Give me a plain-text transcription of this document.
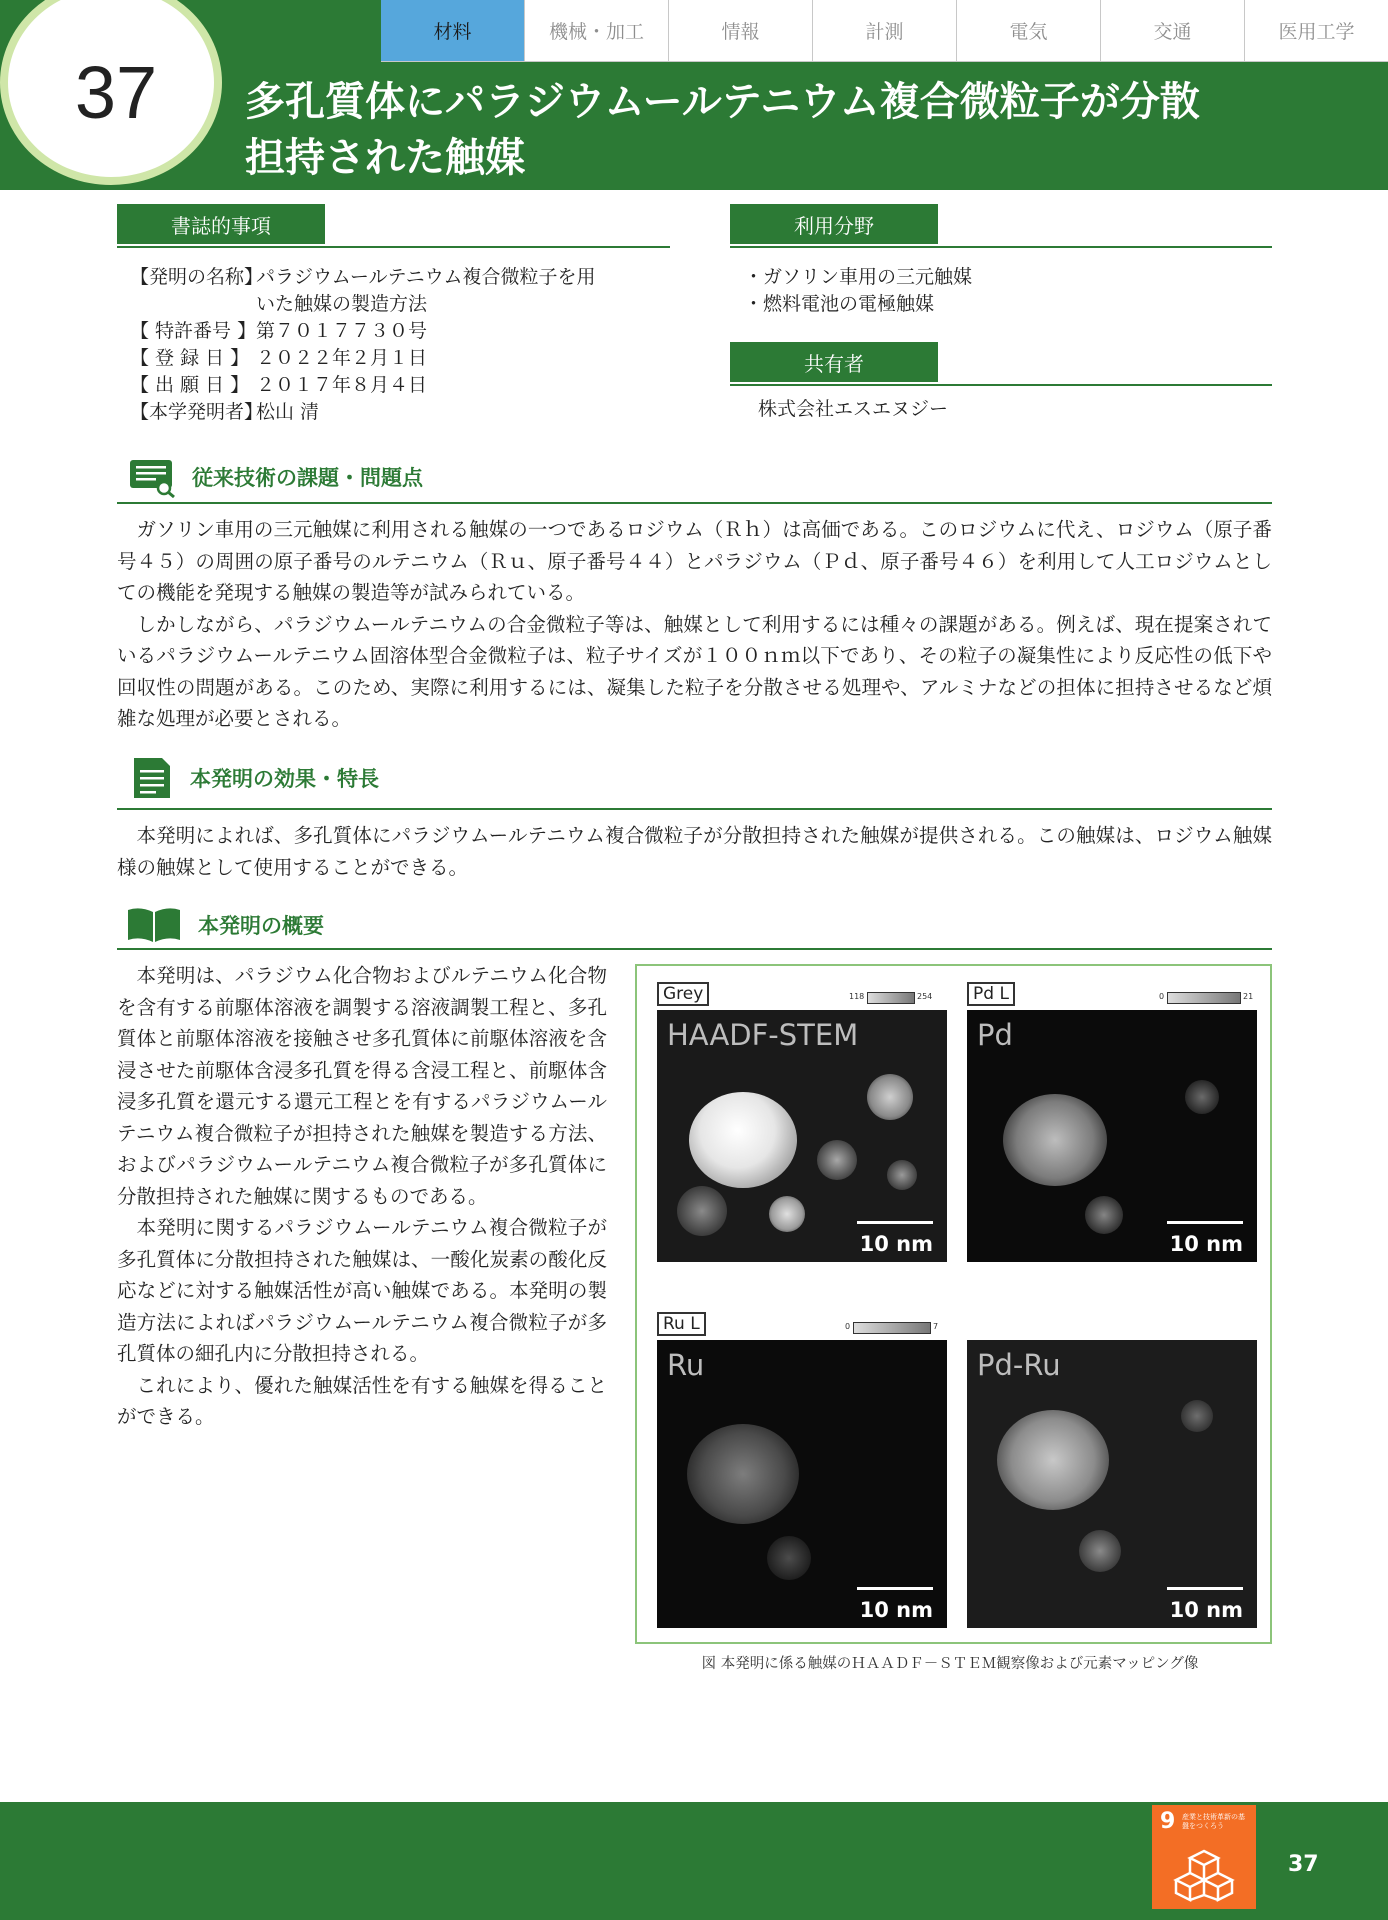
材料	機械・加工	情報	計測	電気	交通	医用工学
37 多孔質体にパラジウムールテニウム複合微粒子が分散
担持された触媒
書誌的事項
【発明の名称】
パラジウムールテニウム複合微粒子を用
いた触媒の製造方法
【 特許番号 】 第７０１７７３０号
【 登 録 日 】 ２０２２年２月１日
【 出 願 日 】 ２０１７年８月４日
【本学発明者】
松山 清
利用分野
・ガソリン車用の三元触媒
・燃料電池の電極触媒
共有者
株式会社エスエヌジー
従来技術の課題・問題点

ガソリン車用の三元触媒に利用される触媒の一つであるロジウム（Ｒｈ）は高価である。このロジウムに代え、ロジウム（原子番号４５）の周囲の原子番号のルテニウム（Ｒｕ、原子番号４４）とパラジウム（Ｐｄ、原子番号４６）を利用して人工ロジウムとしての機能を発現する触媒の製造等が試みられている。

しかしながら、パラジウムールテニウムの合金微粒子等は、触媒として利用するには種々の課題がある。例えば、現在提案されているパラジウムールテニウム固溶体型合金微粒子は、粒子サイズが１００ｎｍ以下であり、その粒子の凝集性により反応性の低下や回収性の問題がある。このため、実際に利用するには、凝集した粒子を分散させる処理や、アルミナなどの担体に担持させるなど煩雑な処理が必要とされる。

本発明の効果・特長

本発明によれば、多孔質体にパラジウムールテニウム複合微粒子が分散担持された触媒が提供される。この触媒は、ロジウム触媒様の触媒として使用することができる。

本発明の概要

本発明は、パラジウム化合物およびルテニウム化合物を含有する前駆体溶液を調製する溶液調製工程と、多孔質体と前駆体溶液を接触させ多孔質体に前駆体溶液を含浸させた前駆体含浸多孔質を得る含浸工程と、前駆体含浸多孔質を還元する還元工程とを有するパラジウムールテニウム複合微粒子が担持された触媒を製造する方法、およびパラジウムールテニウム複合微粒子が多孔質体に分散担持された触媒に関するものである。

本発明に関するパラジウムールテニウム複合微粒子が多孔質体に分散担持された触媒は、一酸化炭素の酸化反応などに対する触媒活性が高い触媒である。本発明の製造方法によればパラジウムールテニウム複合微粒子が多孔質体の細孔内に分散担持される。

これにより、優れた触媒活性を有する触媒を得ることができる。

Grey	118	254
HAADF-STEM
10 nm
Pd L	0	21
Pd
10 nm
Ru L	0	7
Ru
10 nm
Pd-Ru
10 nm
図 本発明に係る触媒のＨＡＡＤＦ－ＳＴＥＭ観察像および元素マッピング像
9 産業と技術革新の基盤をつくろう
37
